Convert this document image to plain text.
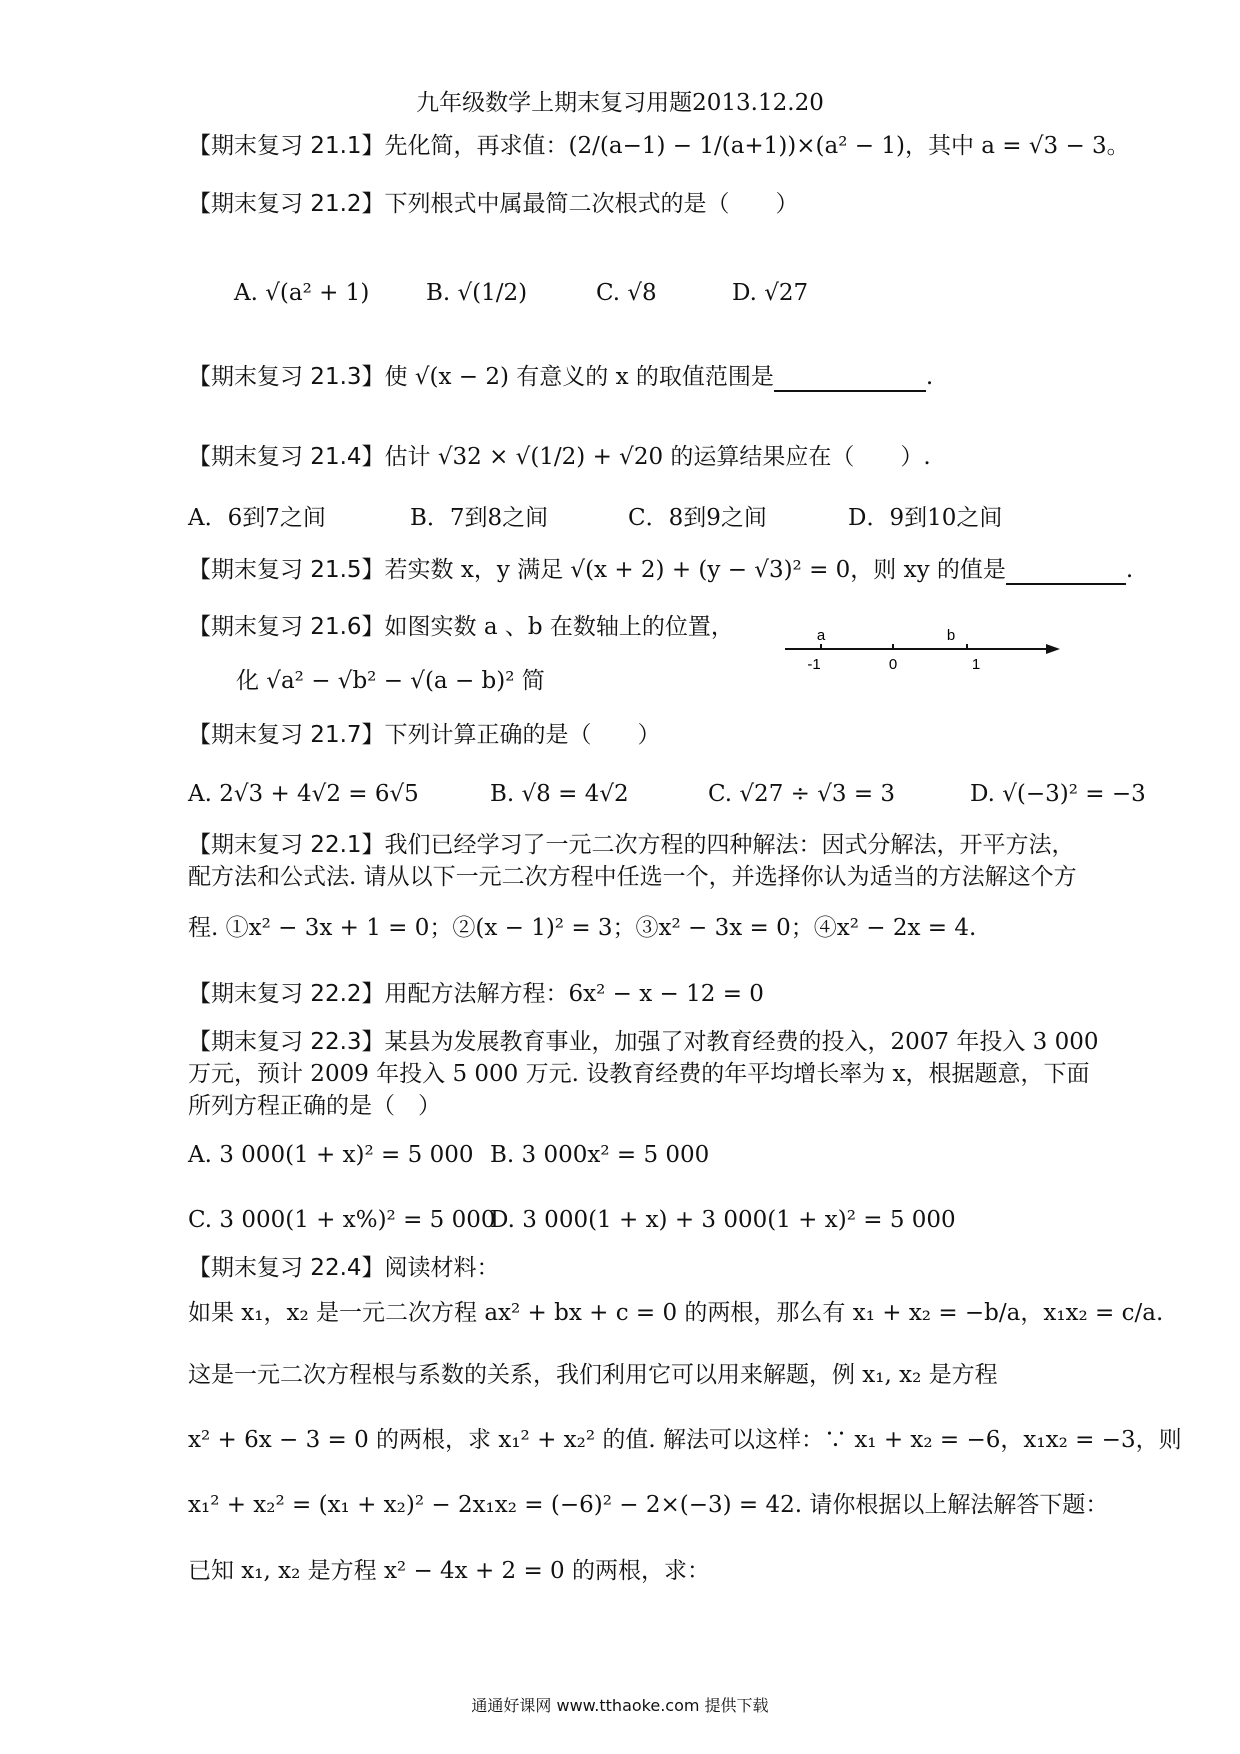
九年级数学上期末复习用题2013.12.20
【期末复习 21.1】先化简，再求值：(2/(a−1) − 1/(a+1))×(a² − 1)，其中 a = √3 − 3。
【期末复习 21.2】下列根式中属最简二次根式的是（　　）
A. √(a² + 1) B. √(1/2)	C. √8	D. √27
【期末复习 21.3】使 √(x − 2) 有意义的 x 的取值范围是	.
【期末复习 21.4】估计 √32 × √(1/2) + √20 的运算结果应在（　　）.
A．6到7之间	B．7到8之间	C．8到9之间	D．9到10之间
【期末复习 21.5】若实数 x，y 满足 √(x + 2) + (y − √3)² = 0，则 xy 的值是	.
【期末复习 21.6】如图实数 a 、b 在数轴上的位置，
化 √a² − √b² − √(a − b)² 简
a	b
-1	0	1
【期末复习 21.7】下列计算正确的是（　　）
A. 2√3 + 4√2 = 6√5	B. √8 = 4√2	C. √27 ÷ √3 = 3	D. √(−3)² = −3
【期末复习 22.1】我们已经学习了一元二次方程的四种解法：因式分解法，开平方法，
配方法和公式法. 请从以下一元二次方程中任选一个，并选择你认为适当的方法解这个方
程. ①x² − 3x + 1 = 0；②(x − 1)² = 3；③x² − 3x = 0；④x² − 2x = 4.
【期末复习 22.2】用配方法解方程：6x² − x − 12 = 0
【期末复习 22.3】某县为发展教育事业，加强了对教育经费的投入，2007 年投入 3 000
万元，预计 2009 年投入 5 000 万元. 设教育经费的年平均增长率为 x，根据题意，下面
所列方程正确的是（　）
A. 3 000(1 + x)² = 5 000 B. 3 000x² = 5 000
C. 3 000(1 + x%)² = 5 000D. 3 000(1 + x) + 3 000(1 + x)² = 5 000
【期末复习 22.4】阅读材料：
如果 x₁，x₂ 是一元二次方程 ax² + bx + c = 0 的两根，那么有 x₁ + x₂ = −b/a，x₁x₂ = c/a.
这是一元二次方程根与系数的关系，我们利用它可以用来解题，例 x₁, x₂ 是方程
x² + 6x − 3 = 0 的两根，求 x₁² + x₂² 的值. 解法可以这样：∵ x₁ + x₂ = −6，x₁x₂ = −3，则
x₁² + x₂² = (x₁ + x₂)² − 2x₁x₂ = (−6)² − 2×(−3) = 42. 请你根据以上解法解答下题：
已知 x₁, x₂ 是方程 x² − 4x + 2 = 0 的两根，求：
通通好课网 www.tthaoke.com 提供下载
